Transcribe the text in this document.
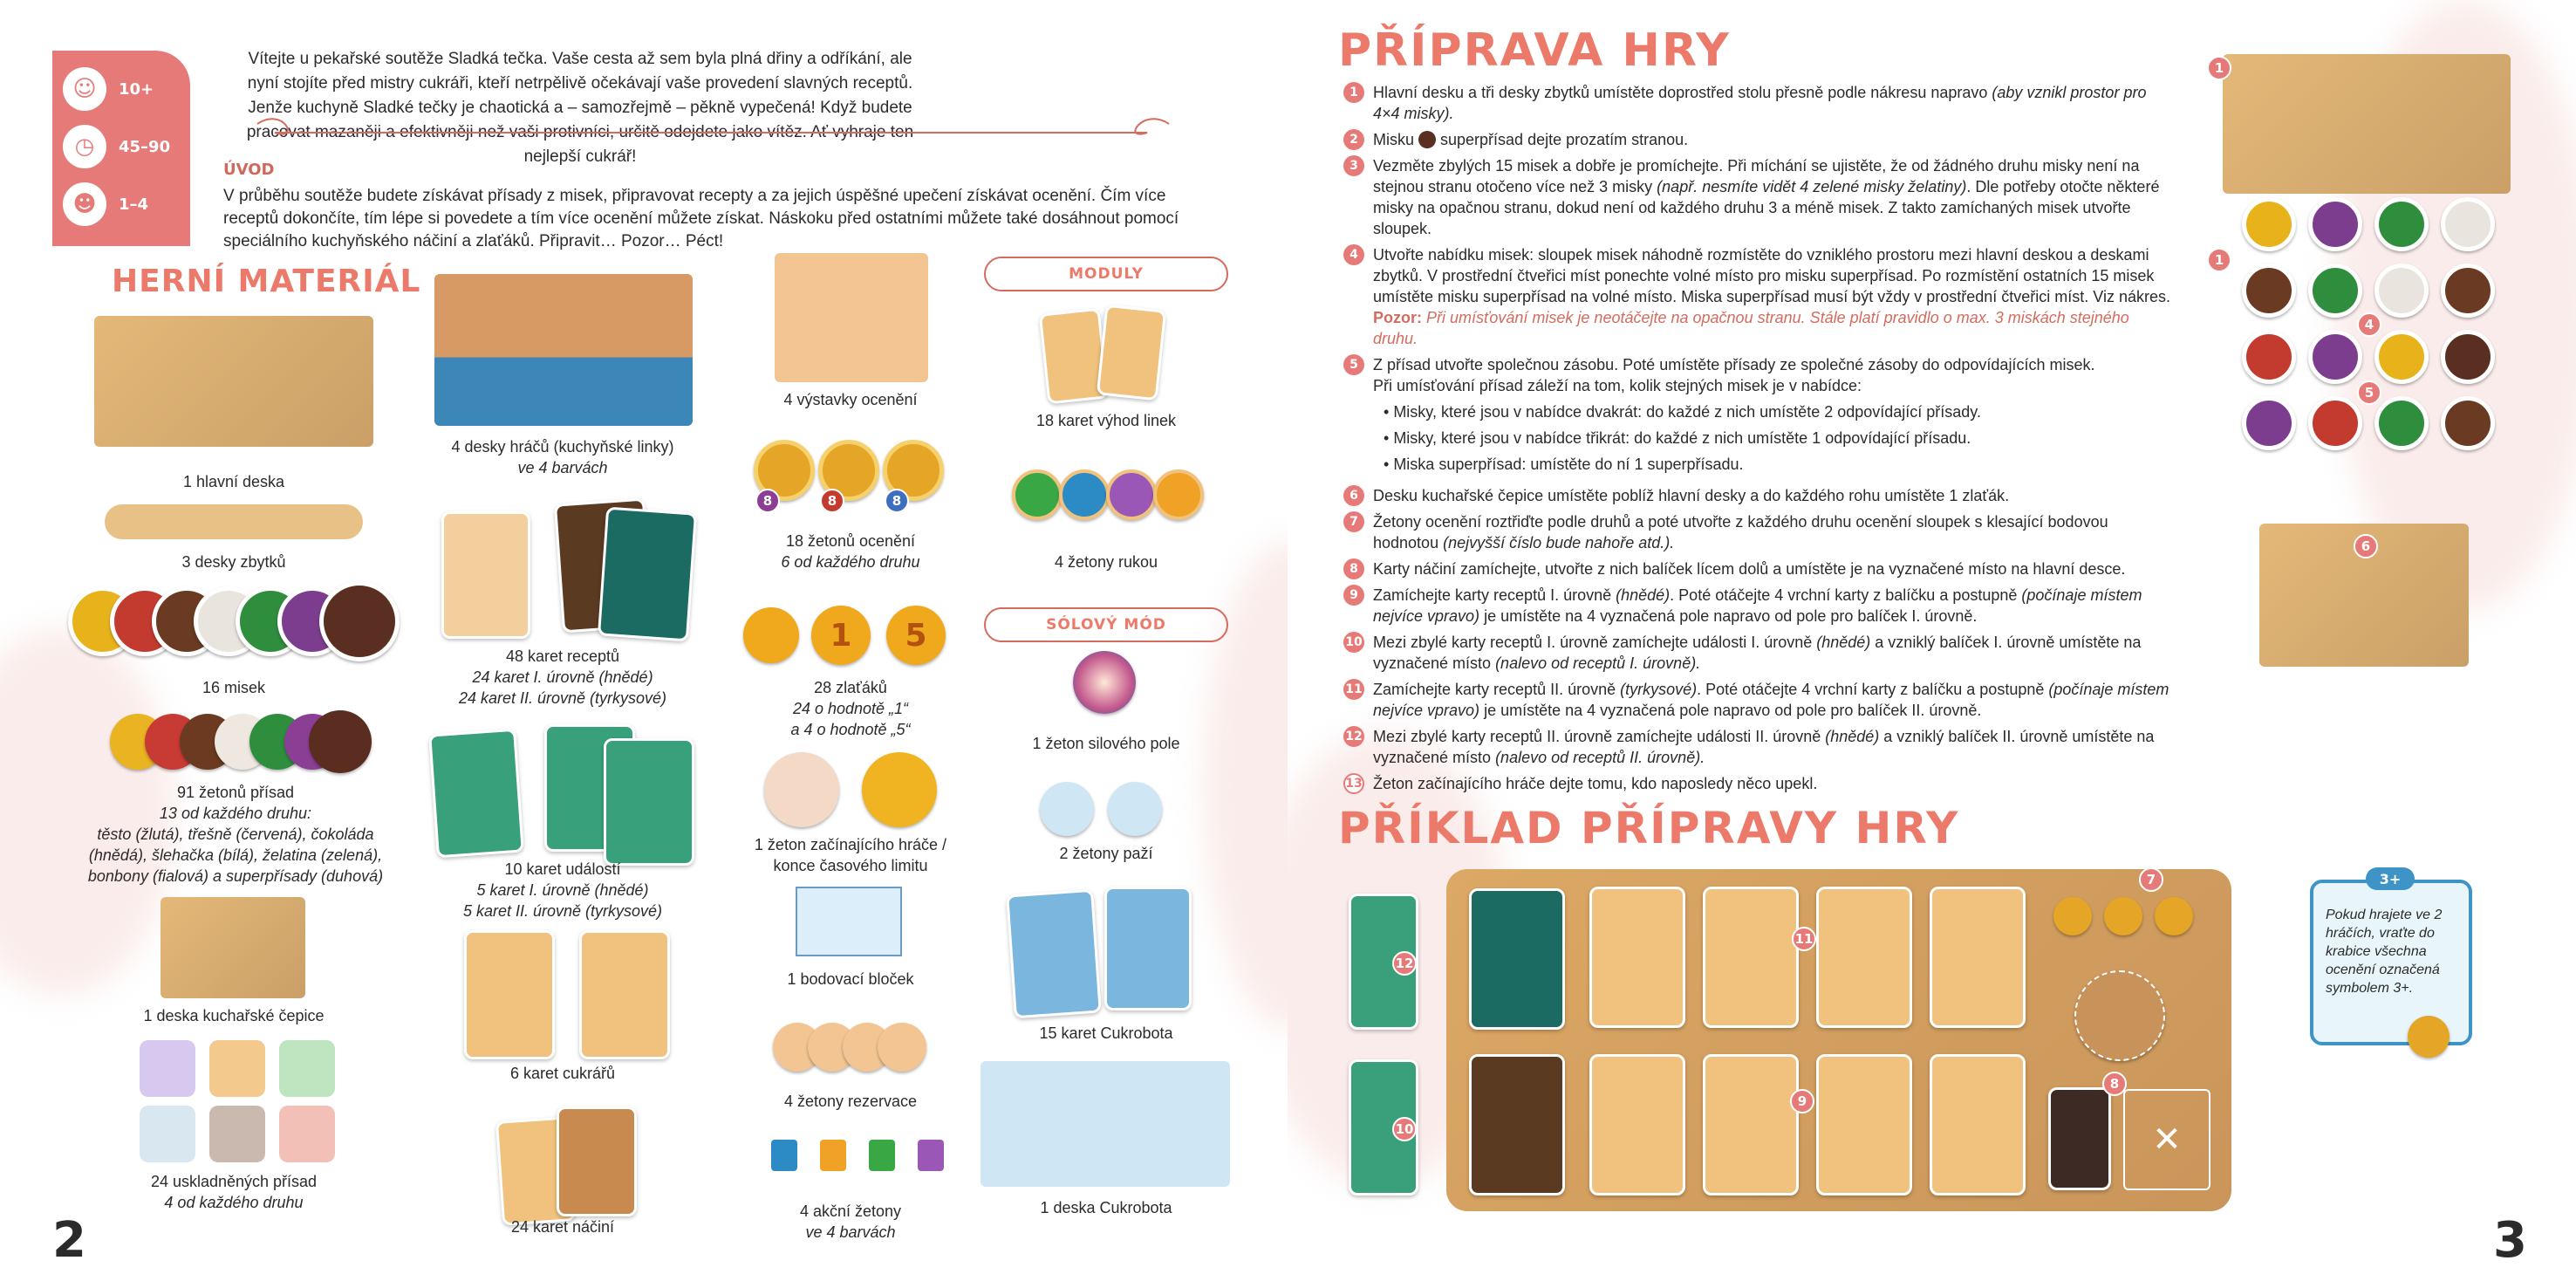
☺	10+
◷	45–90
☻	1–4

Vítejte u pekařské soutěže Sladká tečka. Vaše cesta až sem byla plná dřiny a odříkání, ale nyní stojíte před mistry cukráři, kteří netrpělivě očekávají vaše provedení slavných receptů. Jenže kuchyně Sladké tečky je chaotická a – samozřejmě – pěkně vypečená! Když budete pracovat mazaněji a efektivněji než vaši protivníci, určitě odejdete jako vítěz. Ať vyhraje ten nejlepší cukrář!

ÚVOD

V průběhu soutěže budete získávat přísady z misek, připravovat recepty a za jejich úspěšné upečení získávat ocenění. Čím více receptů dokončíte, tím lépe si povedete a tím více ocenění můžete získat. Náskoku před ostatními můžete také dosáhnout pomocí speciálního kuchyňského náčiní a zlaťáků. Připravit… Pozor… Péct!

HERNÍ MATERIÁL
1 hlavní deska
3 desky zbytků
16 misek
91 žetonů přísad
13 od každého druhu:
těsto (žlutá), třešně (červená), čokoláda
(hnědá), šlehačka (bílá), želatina (zelená),
bonbony (fialová) a superpřísady (duhová)
1 deska kuchařské čepice
24 uskladněných přísad
4 od každého druhu
4 desky hráčů (kuchyňské linky)
ve 4 barvách
48 karet receptů
24 karet I. úrovně (hnědé)
24 karet II. úrovně (tyrkysové)
10 karet událostí
5 karet I. úrovně (hnědé)
5 karet II. úrovně (tyrkysové)
6 karet cukrářů
24 karet náčiní
4 výstavky ocenění
8	8	8
18 žetonů ocenění
6 od každého druhu
1	5
28 zlaťáků
24 o hodnotě „1“
a 4 o hodnotě „5“
1 žeton začínajícího hráče /
konce časového limitu
1 bodovací bloček
4 žetony rezervace
4 akční žetony
ve 4 barvách
MODULY
18 karet výhod linek
4 žetony rukou
SÓLOVÝ MÓD
1 žeton silového pole
2 žetony paží
15 karet Cukrobota
1 deska Cukrobota
2
PŘÍPRAVA HRY
1 Hlavní desku a tři desky zbytků umístěte doprostřed stolu přesně podle nákresu napravo (aby vznikl prostor pro 4×4 misky).

2 Misku  superpřísad dejte prozatím stranou.

3 Vezměte zbylých 15 misek a dobře je promíchejte. Při míchání se ujistěte, že od žádného druhu misky není na stejnou stranu otočeno více než 3 misky (např. nesmíte vidět 4 zelené misky želatiny). Dle potřeby otočte některé misky na opačnou stranu, dokud není od každého druhu 3 a méně misek. Z takto zamíchaných misek utvořte sloupek.

4 Utvořte nabídku misek: sloupek misek náhodně rozmístěte do vzniklého prostoru mezi hlavní deskou a deskami zbytků. V prostřední čtveřici míst ponechte volné místo pro misku superpřísad. Po rozmístění ostatních 15 misek umístěte misku superpřísad na volné místo. Miska superpřísad musí být vždy v prostřední čtveřici míst. Viz nákres.
Pozor: Při umísťování misek je neotáčejte na opačnou stranu. Stále platí pravidlo o max. 3 miskách stejného druhu.

5 Z přísad utvořte společnou zásobu. Poté umístěte přísady ze společné zásoby do odpovídajících misek.

Při umísťování přísad záleží na tom, kolik stejných misek je v nabídce:

• Misky, které jsou v nabídce dvakrát: do každé z nich umístěte 2 odpovídající přísady.
• Misky, které jsou v nabídce třikrát: do každé z nich umístěte 1 odpovídající přísadu.
• Miska superpřísad: umístěte do ní 1 superpřísadu.
6 Desku kuchařské čepice umístěte poblíž hlavní desky a do každého rohu umístěte 1 zlaťák.

7 Žetony ocenění roztřiďte podle druhů a poté utvořte z každého druhu ocenění sloupek s klesající bodovou hodnotou (nejvyšší číslo bude nahoře atd.).

8 Karty náčiní zamíchejte, utvořte z nich balíček lícem dolů a umístěte je na vyznačené místo na hlavní desce.

9 Zamíchejte karty receptů I. úrovně (hnědé). Poté otáčejte 4 vrchní karty z balíčku a postupně (počínaje místem nejvíce vpravo) je umístěte na 4 vyznačená pole napravo od pole pro balíček I. úrovně.

10 Mezi zbylé karty receptů I. úrovně zamíchejte události I. úrovně (hnědé) a vzniklý balíček I. úrovně umístěte na vyznačené místo (nalevo od receptů I. úrovně).

11 Zamíchejte karty receptů II. úrovně (tyrkysové). Poté otáčejte 4 vrchní karty z balíčku a postupně (počínaje místem nejvíce vpravo) je umístěte na 4 vyznačená pole napravo od pole pro balíček II. úrovně.

12 Mezi zbylé karty receptů II. úrovně zamíchejte události II. úrovně (hnědé) a vzniklý balíček II. úrovně umístěte na vyznačené místo (nalevo od receptů II. úrovně).

13 Žeton začínajícího hráče dejte tomu, kdo naposledy něco upekl.

1
1
4
5
6
PŘÍKLAD PŘÍPRAVY HRY
✕
7
8
9
10
11
12

Pokud hrajete ve 2 hráčích, vraťte do krabice všechna ocenění označená symbolem 3+.

3+
3
